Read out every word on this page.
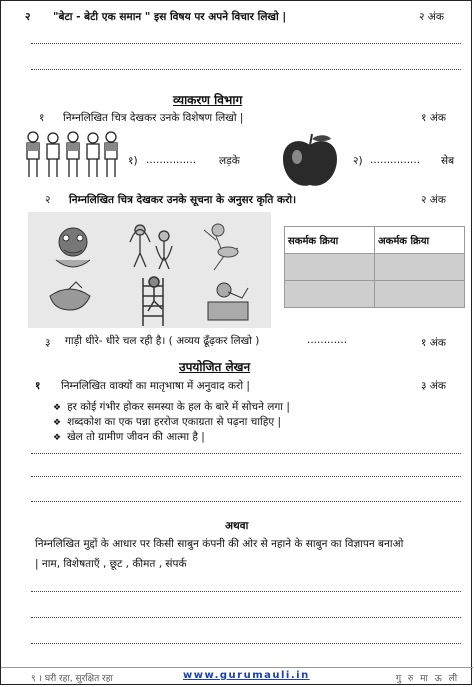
२ "बेटा - बेटी एक समान " इस विषय पर अपने विचार लिखो |	२ अंक
व्याकरण विभाग
१ निम्नलिखित चित्र देखकर उनके विशेषण लिखो |	१ अंक
१) ............... लड़के	२) ............... सेब
२ निम्नलिखित चित्र देखकर उनके सूचना के अनुसर कृति करो।	२ अंक
सकर्मक क्रिया	अकर्मक क्रिया

३ गाड़ी धीरे- धीरे चल रही है। ( अव्यय ढूँढ़कर लिखो )	............	१ अंक
उपयोजित लेखन
१ निम्नलिखित वाक्यों का मातृभाषा में अनुवाद करो |	३ अंक
❖ हर कोई गंभीर होकर समस्या के हल के बारे में सोचने लगा |
❖ शब्दकोश का एक पन्ना हररोज एकाग्रता से पढ़ना चाहिए |
❖ खेल तो ग्रामीण जीवन की आत्मा है |
अथवा
निम्नलिखित मुद्दों के आधार पर किसी साबुन कंपनी की ओर से नहाने के साबुन का विज्ञापन बनाओ
| नाम, विशेषताएँ , छूट , कीमत , संपर्क
९ । घरी रहा, सुरक्षित रहा	www.gurumauli.in	गु रु मा ऊ ली
